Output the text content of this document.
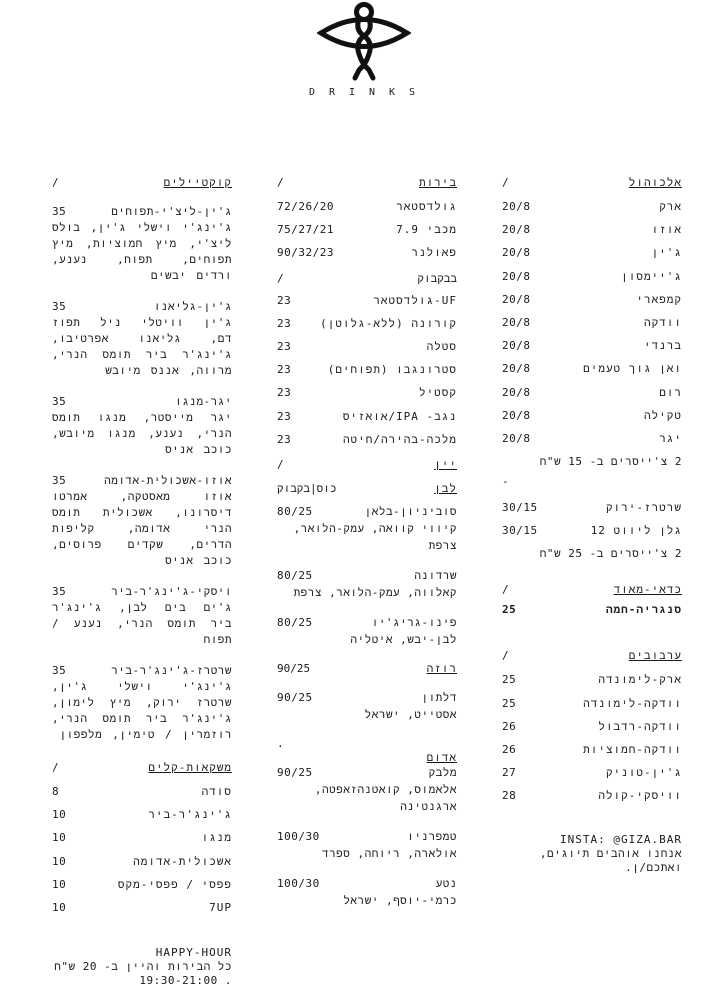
DRINKS
אלכוהול
/
ארק
20/8
אוזו
20/8
ג'ין
20/8
ג'יימסון
20/8
קמפארי
20/8
וודקה
20/8
ברנדי
20/8
ואן גוך טעמים
20/8
רום
20/8
טקילה
20/8
יגר
20/8
2 צ'ייסרים ב- 15 ש"ח
-
שרטרז-ירוק
30/15
גלן ליווט 12
30/15
2 צ'ייסרים ב- 25 ש"ח
כדאי-מאוד
/
סנגריה-חמה
25
ערבובים
/
ארק-לימונדה
25
וודקה-לימונדה
25
וודקה-רדבול
26
וודקה-חמוציות
26
ג'ין-טוניק
27
וויסקי-קולה
28
INSTA: @GIZA.BAR
אנחנו אוהבים תיוגים,
ואתכם/ן.
בירות
/
גולדסטאר
72/26/20
מכבי 7.9
75/27/21
פאולנר
90/32/23
בבקבוק
/
UF-גולדסטאר
23
קורונה (ללא-גלוטן)
23
סטלה
23
סטרונגבו (תפוחים)
23
קסטיל
23
נגב- IPA/אואזיס
23
מלכה-בהירה/חיטה
23
יין
/
לבן
כוס|בקבוק
סוביניון-בלאן
80/25
קיווי קוואה, עמק-הלואר, צרפת
שרדונה
80/25
קאלווה, עמק-הלואר, צרפת
פינו-גריג'יו
80/25
לבן-יבש, איטליה
רוזה
90/25
דלתון
90/25
אסטייט, ישראל
אדום
.
מלבק
90/25
אלאמוס, קואטנהזאפטה, ארגנטינה
טמפרניו
100/30
אולארה, ריוחה, ספרד
נטע
100/30
כרמי-יוסף, ישראל
קוקטיילים
/
ג'ין-ליצ'י-תפוחים
35
ג'ינג'י וישלי ג'ין, בולס ליצ'י, מיץ חמוציות, מיץ תפוחים, תפוח, נענע, ורדים יבשים
ג'ין-גליאנו
35
ג'ין וויטלי ניל תפוז דם, גליאנו אפרטיבו, ג'ינג'ר ביר תומס הנרי, מרווה, אננס מיובש
יגר-מנגו
35
יגר מייסטר, מנגו תומס הנרי, נענע, מנגו מיובש, כוכב אניס
אוזו-אשכולית-אדומה
35
אוזו מאסטקה, אמרטו דיסרונו, אשכולית תומס הנרי אדומה, קליפות הדרים, שקדים פרוסים, כוכב אניס
ויסקי-ג'ינג'ר-ביר
35
ג'ים בים לבן, ג'ינג'ר ביר תומס הנרי, נענע / תפוח
שרטרז-ג'ינג'ר-ביר
35
ג'ינג'י וישלי ג'ין, שרטרז ירוק, מיץ לימון, ג'ינג'ר ביר תומס הנרי, רוזמרין / טימין, מלפפון
משקאות-קלים
/
סודה
8
ג'ינג'ר-ביר
10
מנגו
10
אשכולית-אדומה
10
פפסי / פפסי-מקס
10
7UP
10
HAPPY-HOUR
כל הבירות והיין ב- 20 ש"ח
. 19:30-21:00
